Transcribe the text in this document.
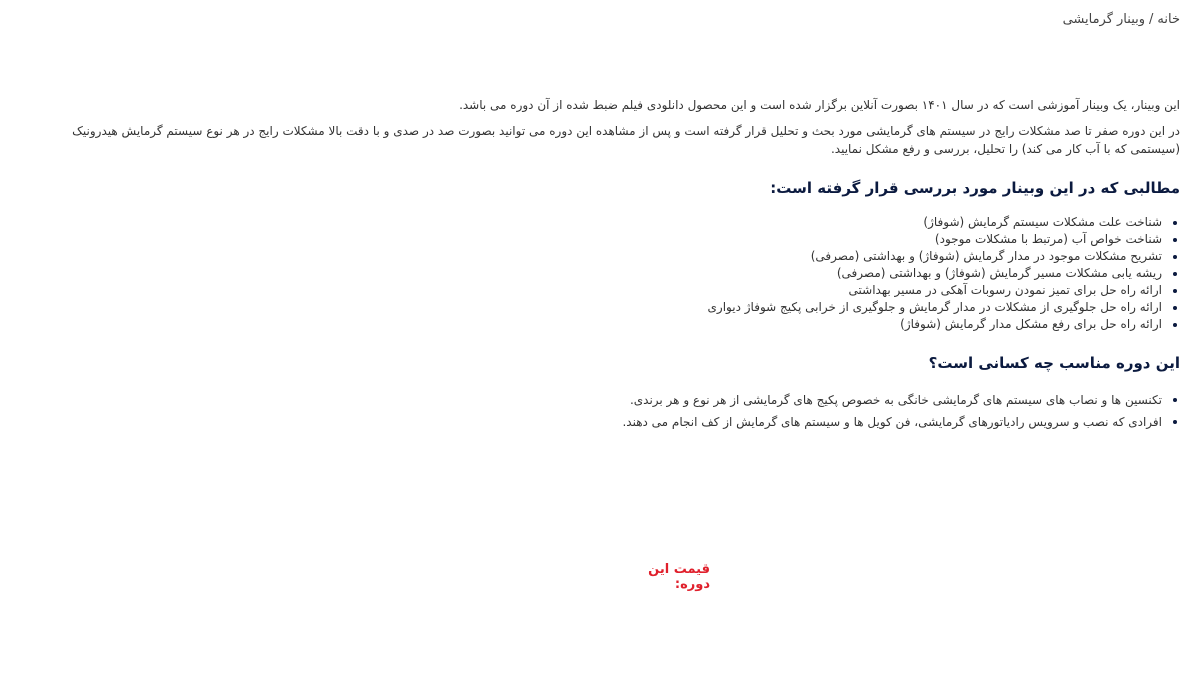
خانه/وبینار گرمایشی

این وبینار، یک وبینار آموزشی است که در سال ۱۴۰۱ بصورت آنلاین برگزار شده است و این محصول دانلودی فیلم ضبط شده از آن دوره می باشد.

در این دوره صفر تا صد مشکلات رایج در سیستم های گرمایشی مورد بحث و تحلیل قرار گرفته است و پس از مشاهده این دوره می توانید بصورت صد در صدی و با دقت بالا مشکلات رایج در هر نوع سیستم گرمایش هیدرونیک (سیستمی که با آب کار می کند) را تحلیل، بررسی و رفع مشکل نمایید.

مطالبی که در این وبینار مورد بررسی قرار گرفته است:
شناخت علت مشکلات سیستم گرمایش (شوفاژ)
شناخت خواص آب (مرتبط با مشکلات موجود)
تشریح مشکلات موجود در مدار گرمایش (شوفاژ) و بهداشتی (مصرفی)
ریشه یابی مشکلات مسیر گرمایش (شوفاژ) و بهداشتی (مصرفی)
ارائه راه حل برای تمیز نمودن رسوبات آهکی در مسیر بهداشتی
ارائه راه حل جلوگیری از مشکلات در مدار گرمایش و جلوگیری از خرابی پکیج شوفاژ دیواری
ارائه راه حل برای رفع مشکل مدار گرمایش (شوفاژ)
این دوره مناسب چه کسانی است؟
تکنسین ها و نصاب های سیستم های گرمایشی خانگی به خصوص پکیج های گرمایشی از هر نوع و هر برندی.
افرادی که نصب و سرویس رادیاتورهای گرمایشی، فن کویل ها و سیستم های گرمایش از کف انجام می دهند.
قیمت این دوره:
